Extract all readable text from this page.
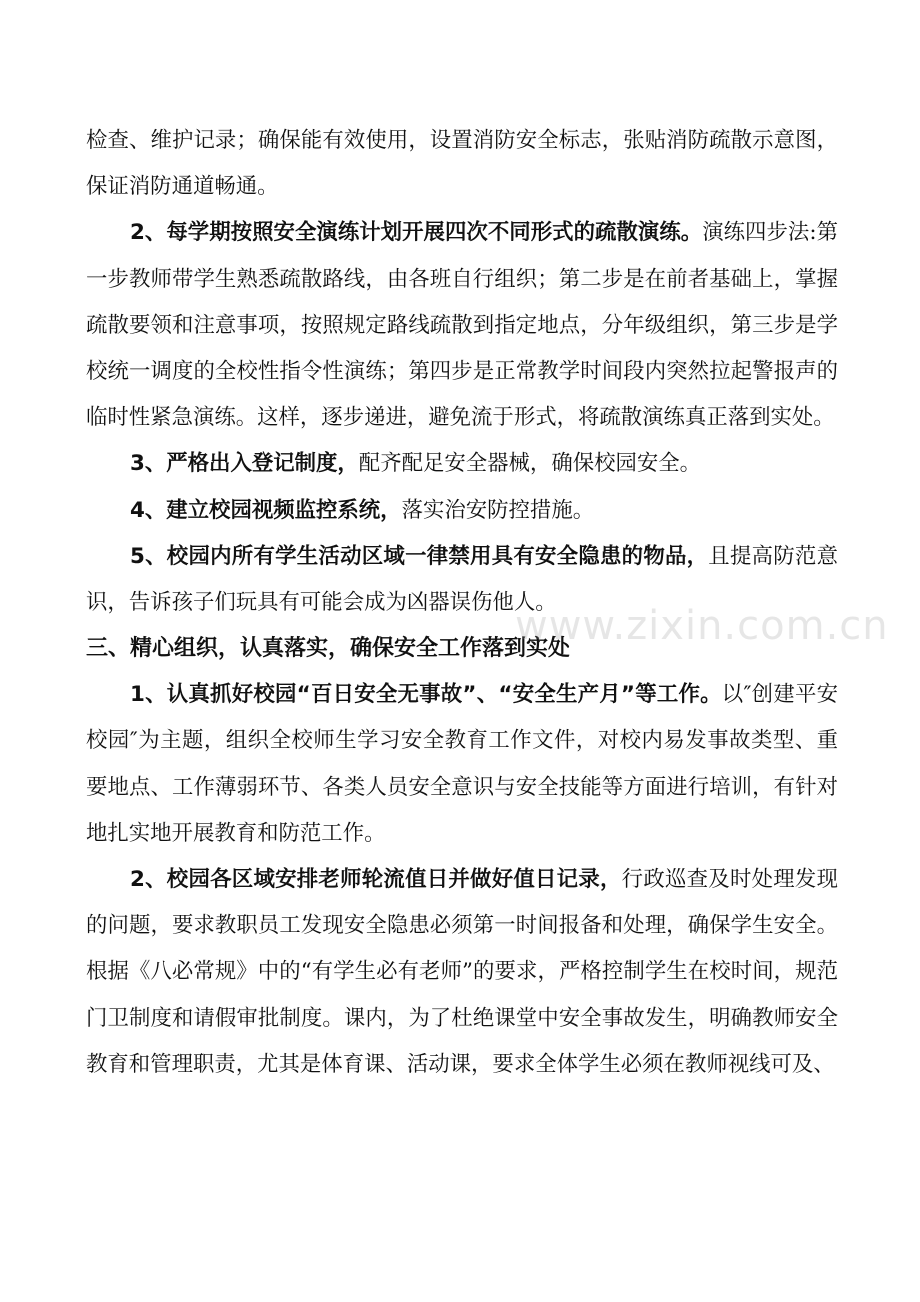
检查、维护记录；确保能有效使用，设置消防安全标志，张贴消防疏散示意图，保证消防通道畅通。

2、每学期按照安全演练计划开展四次不同形式的疏散演练。演练四步法:第一步教师带学生熟悉疏散路线，由各班自行组织；第二步是在前者基础上，掌握疏散要领和注意事项，按照规定路线疏散到指定地点，分年级组织，第三步是学校统一调度的全校性指令性演练；第四步是正常教学时间段内突然拉起警报声的临时性紧急演练。这样，逐步递进，避免流于形式，将疏散演练真正落到实处。

3、严格出入登记制度，配齐配足安全器械，确保校园安全。

4、建立校园视频监控系统，落实治安防控措施。

5、校园内所有学生活动区域一律禁用具有安全隐患的物品，且提高防范意识，告诉孩子们玩具有可能会成为凶器误伤他人。

三、精心组织，认真落实，确保安全工作落到实处

1、认真抓好校园“百日安全无事故”、“安全生产月”等工作。以″创建平安校园″为主题，组织全校师生学习安全教育工作文件，对校内易发事故类型、重要地点、工作薄弱环节、各类人员安全意识与安全技能等方面进行培训，有针对地扎实地开展教育和防范工作。

2、校园各区域安排老师轮流值日并做好值日记录，行政巡查及时处理发现的问题，要求教职员工发现安全隐患必须第一时间报备和处理，确保学生安全。根据《八必常规》中的“有学生必有老师”的要求，严格控制学生在校时间，规范门卫制度和请假审批制度。课内，为了杜绝课堂中安全事故发生，明确教师安全教育和管理职责，尤其是体育课、活动课，要求全体学生必须在教师视线可及、

www.zixin.com.cn
